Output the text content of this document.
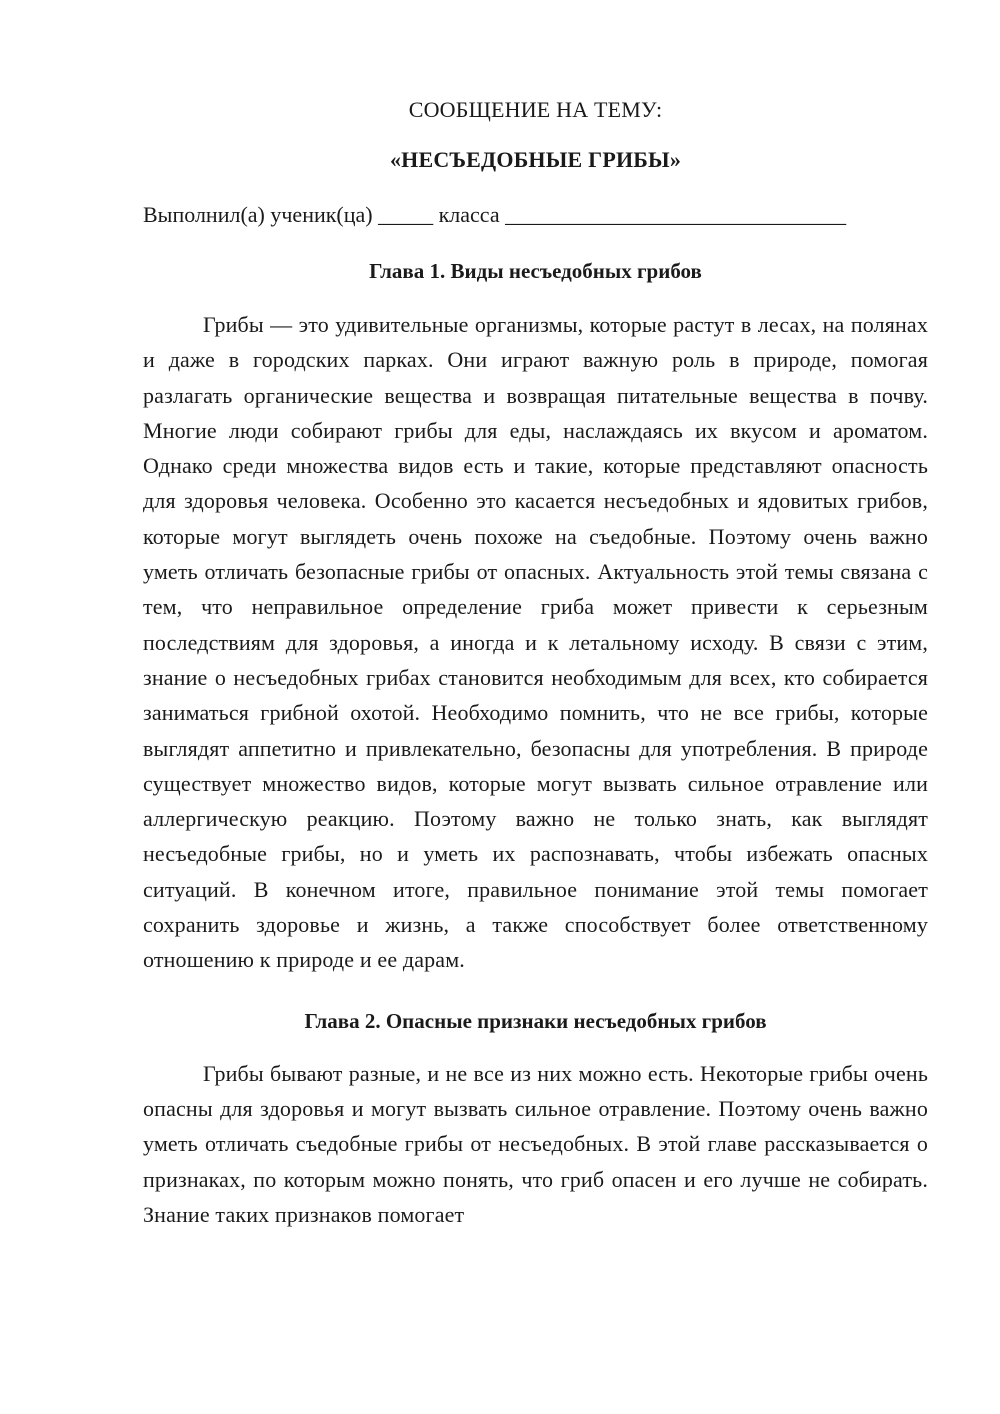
СООБЩЕНИЕ НА ТЕМУ:

«НЕСЪЕДОБНЫЕ ГРИБЫ»

Выполнил(а) ученик(ца) _____ класса _______________________________
Глава 1. Виды несъедобных грибов

Грибы — это удивительные организмы, которые растут в лесах, на полянах и даже в городских парках. Они играют важную роль в природе, помогая разлагать органические вещества и возвращая питательные вещества в почву. Многие люди собирают грибы для еды, наслаждаясь их вкусом и ароматом. Однако среди множества видов есть и такие, которые представляют опасность для здоровья человека. Особенно это касается несъедобных и ядовитых грибов, которые могут выглядеть очень похоже на съедобные. Поэтому очень важно уметь отличать безопасные грибы от опасных. Актуальность этой темы связана с тем, что неправильное определение гриба может привести к серьезным последствиям для здоровья, а иногда и к летальному исходу. В связи с этим, знание о несъедобных грибах становится необходимым для всех, кто собирается заниматься грибной охотой. Необходимо помнить, что не все грибы, которые выглядят аппетитно и привлекательно, безопасны для употребления. В природе существует множество видов, которые могут вызвать сильное отравление или аллергическую реакцию. Поэтому важно не только знать, как выглядят несъедобные грибы, но и уметь их распознавать, чтобы избежать опасных ситуаций. В конечном итоге, правильное понимание этой темы помогает сохранить здоровье и жизнь, а также способствует более ответственному отношению к природе и ее дарам.

Глава 2. Опасные признаки несъедобных грибов

Грибы бывают разные, и не все из них можно есть. Некоторые грибы очень опасны для здоровья и могут вызвать сильное отравление. Поэтому очень важно уметь отличать съедобные грибы от несъедобных. В этой главе рассказывается о признаках, по которым можно понять, что гриб опасен и его лучше не собирать. Знание таких признаков помогает
